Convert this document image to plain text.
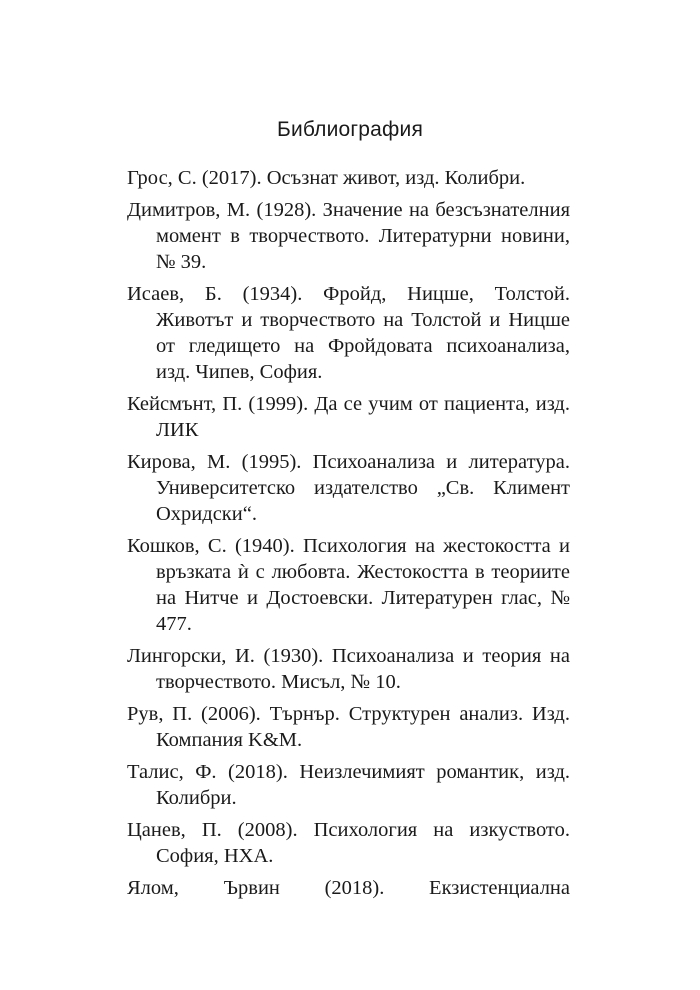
Библиография
Грос, С. (2017). Осъзнат живот, изд. Колибри.
Димитров, М. (1928). Значение на безсъзнателния момент в творчеството. Литературни новини, № 39.
Исаев, Б. (1934). Фройд, Ницше, Толстой. Животът и творчеството на Толстой и Ницше от гледището на Фройдовата психоанализа, изд. Чипев, София.
Кейсмънт, П. (1999). Да се учим от пациента, изд. ЛИК
Кирова, М. (1995). Психоанализа и литература. Университетско издателство „Св. Климент Охридски“.
Кошков, С. (1940). Психология на жестокостта и връзката ѝ с любовта. Жестокостта в теориите на Нитче и Достоевски. Литературен глас, № 477.
Лингорски, И. (1930). Психоанализа и теория на творчеството. Мисъл, № 10.
Рув, П. (2006). Търнър. Структурен анализ. Изд. Компания K&M.
Талис, Ф. (2018). Неизлечимият романтик, изд. Колибри.
Цанев, П. (2008). Психология на изкуството. София, НХА.
Ялом, Ървин (2018). Екзистенциална
